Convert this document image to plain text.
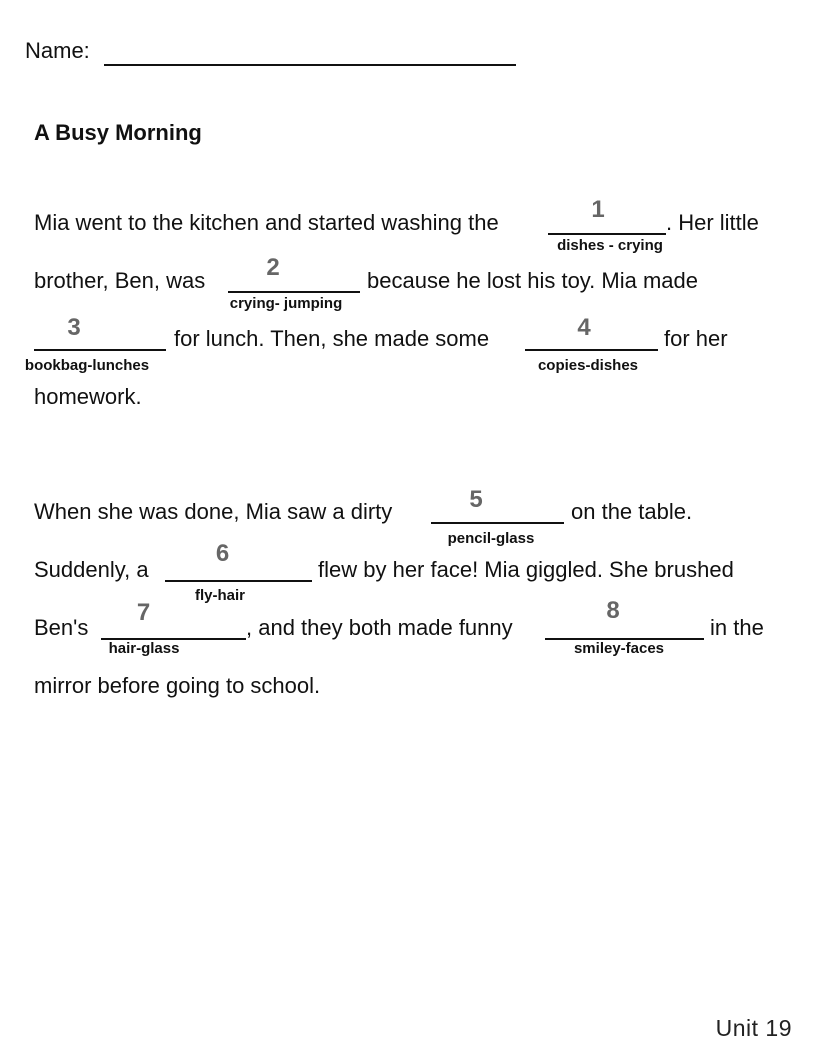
Name:
A Busy Morning
Mia went to the kitchen and started washing the	1
dishes - crying
. Her little
brother, Ben, was	2
crying- jumping
because he lost his toy. Mia made
3
bookbag-lunches
for lunch. Then, she made some	4
copies-dishes
for her
homework.
When she was done, Mia saw a dirty	5
pencil-glass
on the table.
Suddenly, a
6
fly-hair
flew by her face! Mia giggled. She brushed
Ben's
7
hair-glass
, and they both made funny
8
smiley-faces
in the
mirror before going to school.
Unit 19
